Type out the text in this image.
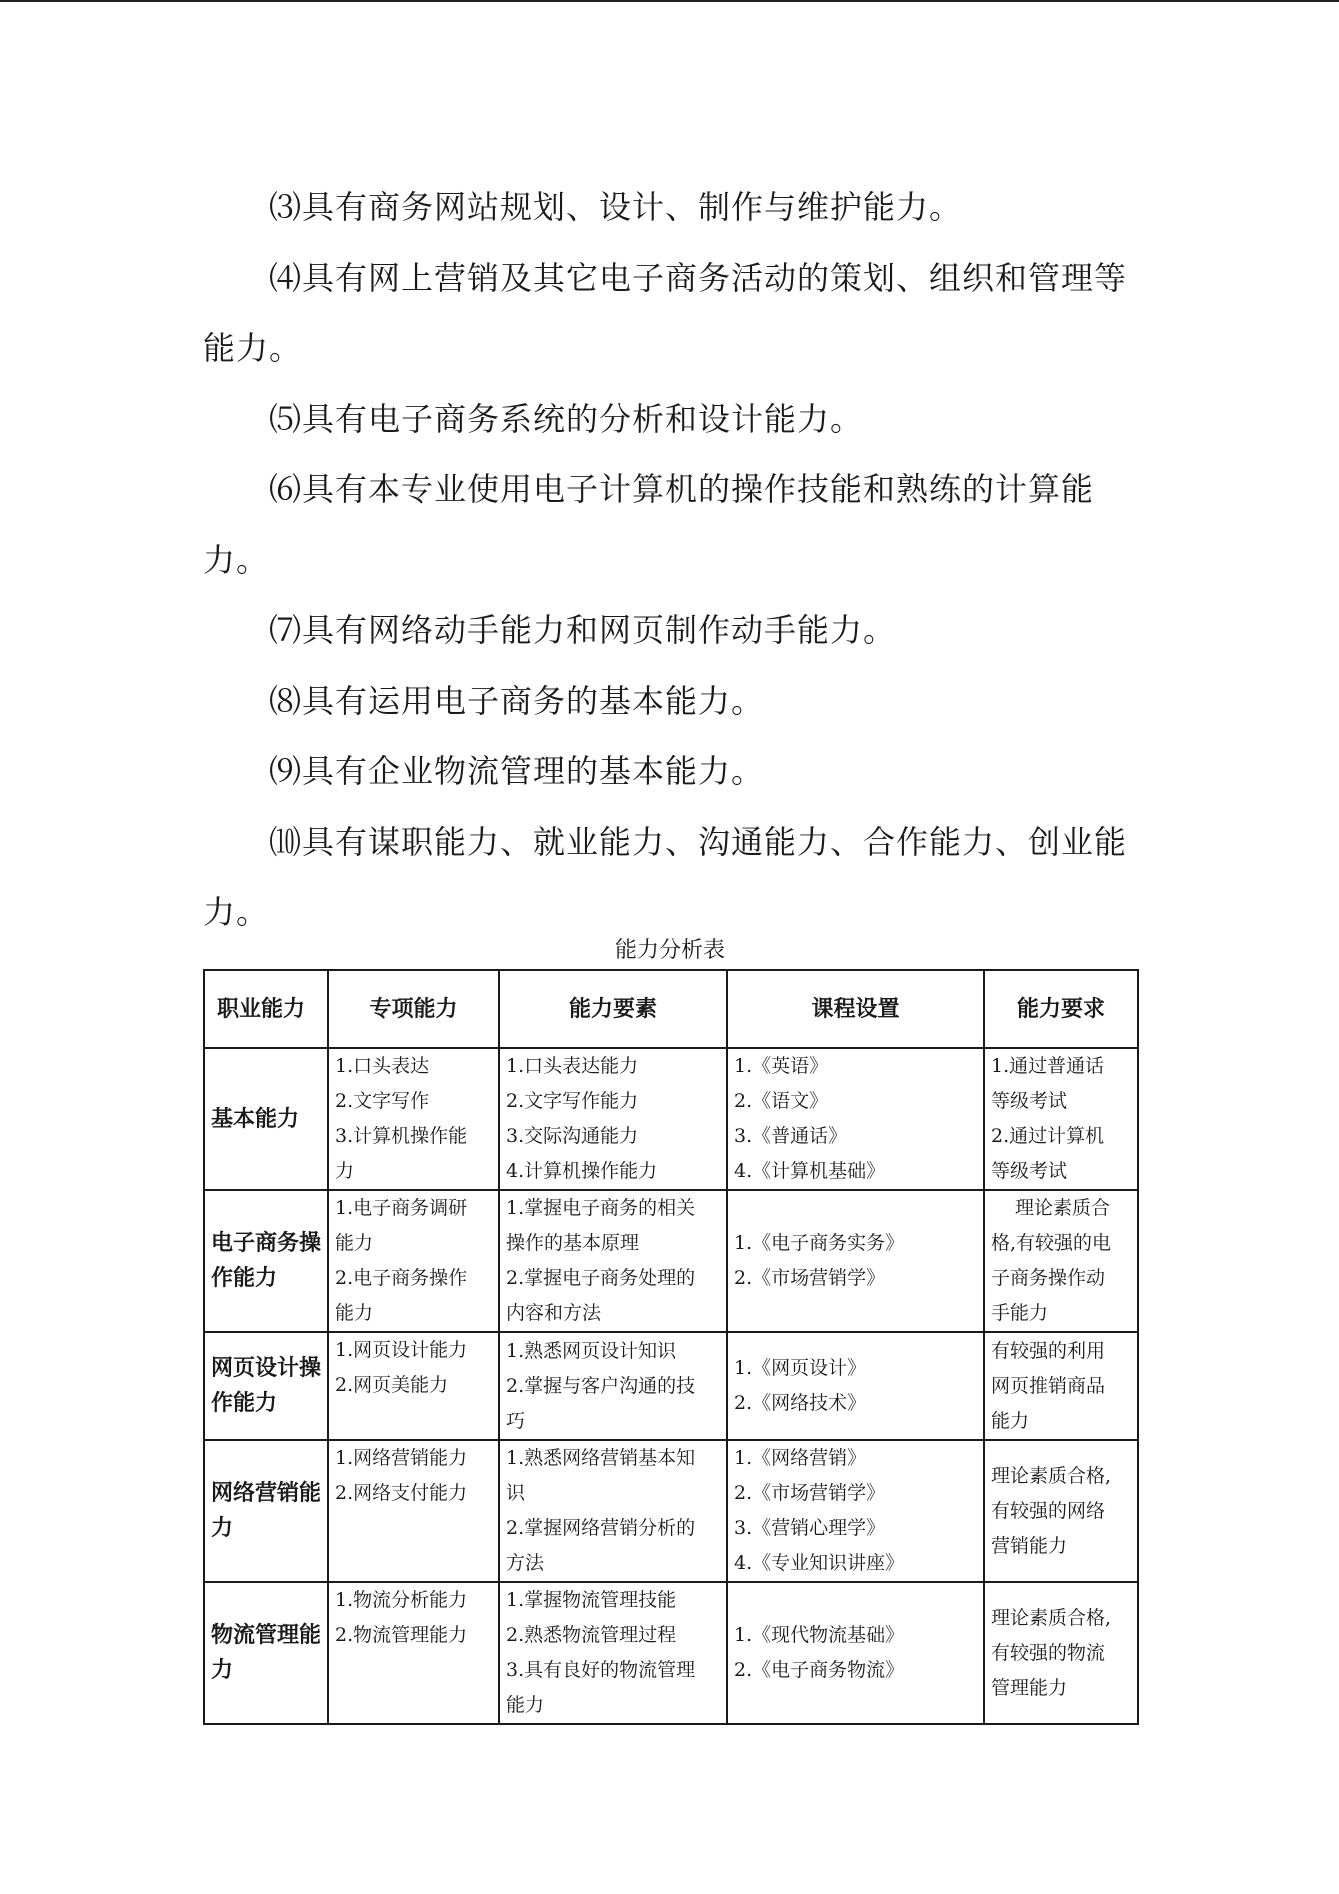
⑶具有商务网站规划、设计、制作与维护能力。

⑷具有网上营销及其它电子商务活动的策划、组织和管理等能力。

⑸具有电子商务系统的分析和设计能力。

⑹具有本专业使用电子计算机的操作技能和熟练的计算能力。

⑺具有网络动手能力和网页制作动手能力。

⑻具有运用电子商务的基本能力。

⑼具有企业物流管理的基本能力。

⑽具有谋职能力、就业能力、沟通能力、合作能力、创业能力。

能力分析表
职业能力	专项能力	能力要素	课程设置	能力要求
基本能力	1.口头表达
2.文字写作
3.计算机操作能
力	1.口头表达能力
2.文字写作能力
3.交际沟通能力
4.计算机操作能力	1.《英语》
2.《语文》
3.《普通话》
4.《计算机基础》	1.通过普通话
等级考试
2.通过计算机
等级考试

电子商务操作能力	1.电子商务调研
能力
2.电子商务操作
能力	1.掌握电子商务的相关
操作的基本原理
2.掌握电子商务处理的
内容和方法	1.《电子商务实务》
2.《市场营销学》	理论素质合
格,有较强的电
子商务操作动
手能力

网页设计操作能力	1.网页设计能力
2.网页美能力	1.熟悉网页设计知识
2.掌握与客户沟通的技
巧	1.《网页设计》
2.《网络技术》	有较强的利用
网页推销商品
能力

网络营销能力	1.网络营销能力
2.网络支付能力	1.熟悉网络营销基本知
识
2.掌握网络营销分析的
方法	1.《网络营销》
2.《市场营销学》
3.《营销心理学》
4.《专业知识讲座》	理论素质合格,
有较强的网络
营销能力

物流管理能力	1.物流分析能力
2.物流管理能力	1.掌握物流管理技能
2.熟悉物流管理过程
3.具有良好的物流管理
能力	1.《现代物流基础》
2.《电子商务物流》	理论素质合格,
有较强的物流
管理能力
